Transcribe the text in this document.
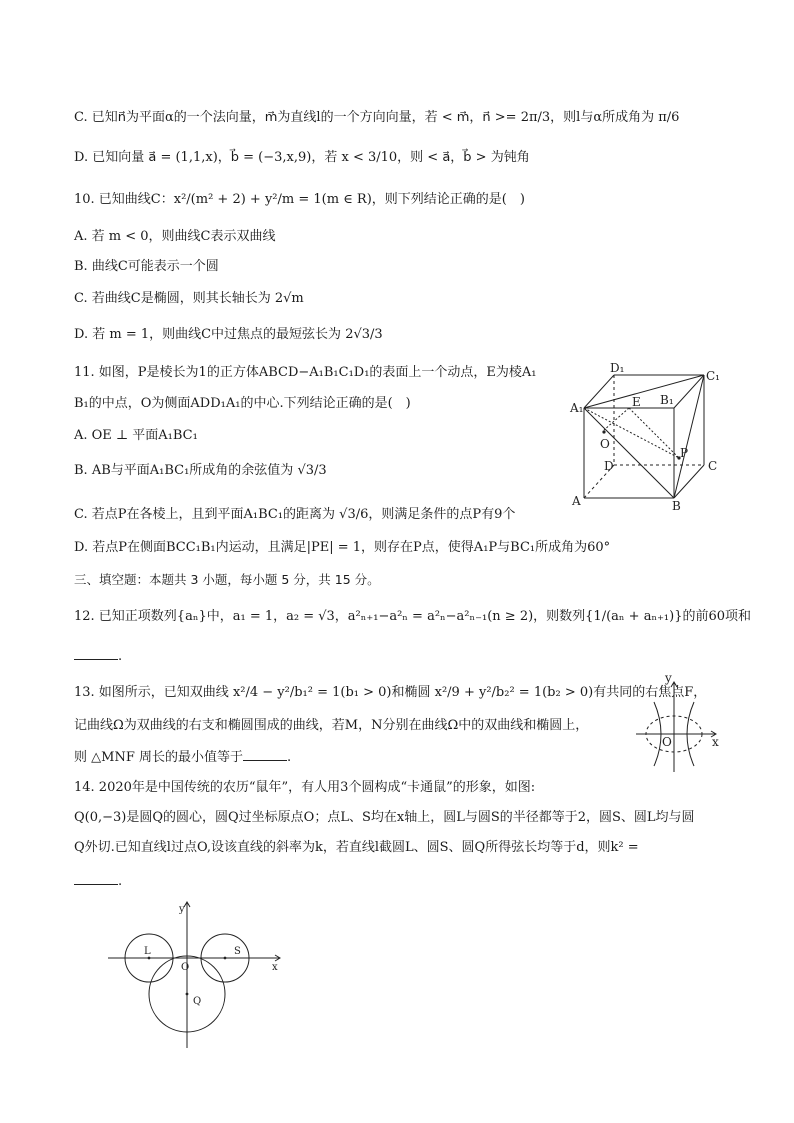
C. 已知n⃗为平面α的一个法向量，m⃗为直线l的一个方向向量，若 < m⃗，n⃗ >= 2π/3，则l与α所成角为 π/6
D. 已知向量 a⃗ = (1,1,x)，b⃗ = (−3,x,9)，若 x < 3/10，则 < a⃗，b⃗ > 为钝角
10. 已知曲线C：x²/(m² + 2) + y²/m = 1(m ∈ R)，则下列结论正确的是(　)
A. 若 m < 0，则曲线C表示双曲线
B. 曲线C可能表示一个圆
C. 若曲线C是椭圆，则其长轴长为 2√m
D. 若 m = 1，则曲线C中过焦点的最短弦长为 2√3/3
11. 如图，P是棱长为1的正方体ABCD−A₁B₁C₁D₁的表面上一个动点，E为棱A₁
B₁的中点，O为侧面ADD₁A₁的中心.下列结论正确的是(　)
A. OE ⊥ 平面A₁BC₁
B. AB与平面A₁BC₁所成角的余弦值为 √3/3
C. 若点P在各棱上，且到平面A₁BC₁的距离为 √3/6，则满足条件的点P有9个
D. 若点P在侧面BCC₁B₁内运动，且满足|PE| = 1，则存在P点，使得A₁P与BC₁所成角为60°
三、填空题：本题共 3 小题，每小题 5 分，共 15 分。
12. 已知正项数列{aₙ}中，a₁ = 1，a₂ = √3，a²ₙ₊₁−a²ₙ = a²ₙ−a²ₙ₋₁(n ≥ 2)，则数列{1/(aₙ + aₙ₊₁)}的前60项和
.
13. 如图所示，已知双曲线 x²/4 − y²/b₁² = 1(b₁ > 0)和椭圆 x²/9 + y²/b₂² = 1(b₂ > 0)有共同的右焦点F，
记曲线Ω为双曲线的右支和椭圆围成的曲线，若M，N分别在曲线Ω中的双曲线和椭圆上，
则 △MNF 周长的最小值等于	.
14. 2020年是中国传统的农历“鼠年”，有人用3个圆构成“卡通鼠”的形象，如图:
Q(0,−3)是圆Q的圆心，圆Q过坐标原点O；点L、S均在x轴上，圆L与圆S的半径都等于2，圆S、圆L均与圆
Q外切.已知直线l过点O,设该直线的斜率为k，若直线l截圆L、圆S、圆Q所得弦长均等于d，则k² =
.
D₁
C₁
A₁	E B₁
O
D
P
C
A	B
y
O	x
y
L
O
S
x
Q
